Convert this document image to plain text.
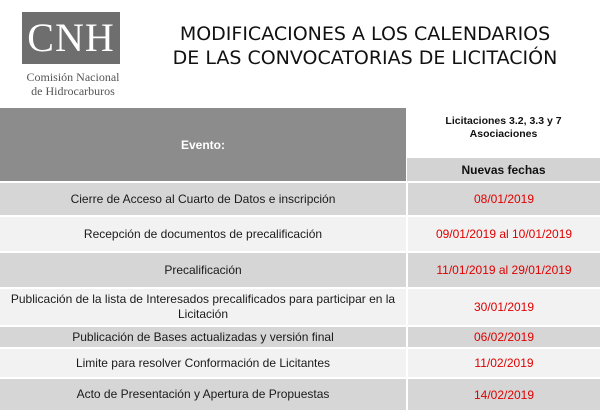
CNH
Comisión Nacional
de Hidrocarburos
MODIFICACIONES A LOS CALENDARIOS
DE LAS CONVOCATORIAS DE LICITACIÓN
Evento:
Licitaciones 3.2, 3.3 y 7
Asociaciones
Nuevas fechas
Cierre de Acceso al Cuarto de Datos e inscripción	08/01/2019
Recepción de documentos de precalificación	09/01/2019 al 10/01/2019
Precalificación	11/01/2019 al 29/01/2019
Publicación de la lista de Interesados precalificados para participar en la Licitación	30/01/2019
Publicación de Bases actualizadas y versión final	06/02/2019
Limite para resolver Conformación de Licitantes	11/02/2019
Acto de Presentación y Apertura de Propuestas	14/02/2019
